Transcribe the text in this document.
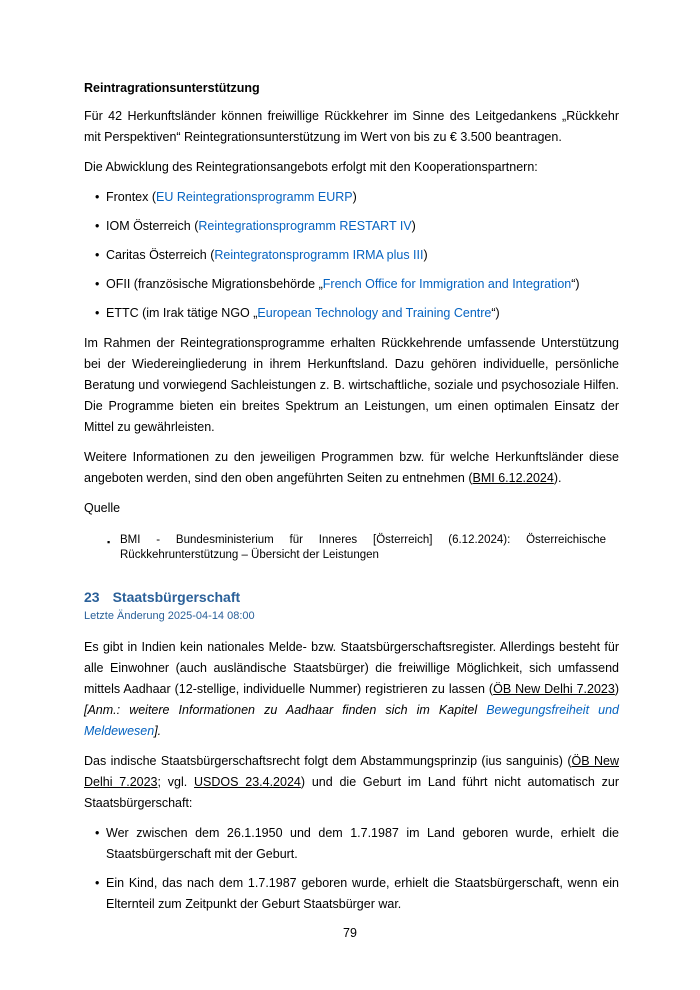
Reintragrationsunterstützung

Für 42 Herkunftsländer können freiwillige Rückkehrer im Sinne des Leitgedankens „Rückkehr mit Perspektiven“ Reintegrationsunterstützung im Wert von bis zu € 3.500 beantragen.

Die Abwicklung des Reintegrationsangebots erfolgt mit den Kooperationspartnern:

• Frontex (EU Reintegrationsprogramm EURP)
• IOM Österreich (Reintegrationsprogramm RESTART IV)
• Caritas Österreich (Reintegratonsprogramm IRMA plus III)
• OFII (französische Migrationsbehörde „French Office for Immigration and Integration“)
• ETTC (im Irak tätige NGO „European Technology and Training Centre“)

Im Rahmen der Reintegrationsprogramme erhalten Rückkehrende umfassende Unterstützung bei der Wiedereingliederung in ihrem Herkunftsland. Dazu gehören individuelle, persönliche Beratung und vorwiegend Sachleistungen z. B. wirtschaftliche, soziale und psychosoziale Hilfen. Die Programme bieten ein breites Spektrum an Leistungen, um einen optimalen Einsatz der Mittel zu gewährleisten.

Weitere Informationen zu den jeweiligen Programmen bzw. für welche Herkunftsländer diese angeboten werden, sind den oben angeführten Seiten zu entnehmen (BMI 6.12.2024).

Quelle

▪ BMI - Bundesministerium für Inneres [Österreich] (6.12.2024): Österreichische Rückkehrunterstützung – Übersicht der Leistungen
23 Staatsbürgerschaft

Letzte Änderung 2025-04-14 08:00

Es gibt in Indien kein nationales Melde- bzw. Staatsbürgerschaftsregister. Allerdings besteht für alle Einwohner (auch ausländische Staatsbürger) die freiwillige Möglichkeit, sich umfassend mittels Aadhaar (12-stellige, individuelle Nummer) registrieren zu lassen (ÖB New Delhi 7.2023) [Anm.: weitere Informationen zu Aadhaar finden sich im Kapitel Bewegungsfreiheit und Meldewesen].

Das indische Staatsbürgerschaftsrecht folgt dem Abstammungsprinzip (ius sanguinis) (ÖB New Delhi 7.2023; vgl. USDOS 23.4.2024) und die Geburt im Land führt nicht automatisch zur Staatsbürgerschaft:

• Wer zwischen dem 26.1.1950 und dem 1.7.1987 im Land geboren wurde, erhielt die Staatsbürgerschaft mit der Geburt.
• Ein Kind, das nach dem 1.7.1987 geboren wurde, erhielt die Staatsbürgerschaft, wenn ein Elternteil zum Zeitpunkt der Geburt Staatsbürger war.
79
